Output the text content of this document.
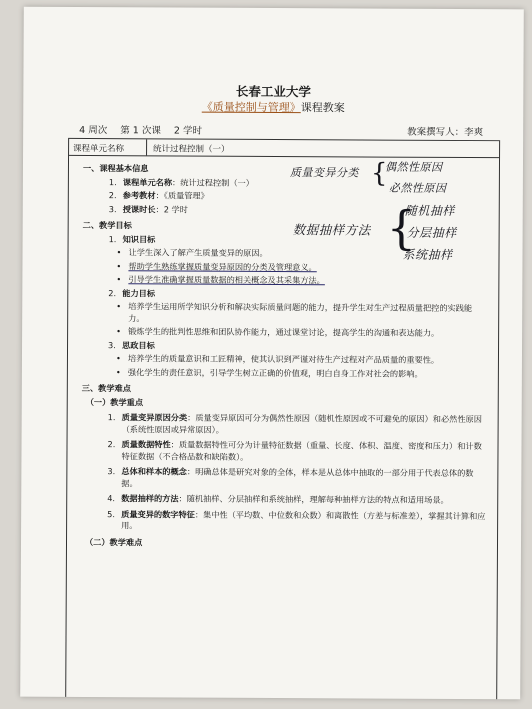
长春工业大学
《质量控制与管理》课程教案
4 周次 第 1 次课 2 学时	教案撰写人：李爽
课程单元名称	统计过程控制（一）
一、课程基本信息
1. 课程单元名称：统计过程控制（一）
2. 参考教材：《质量管理》
3. 授课时长：2 学时
二、教学目标
1. 知识目标
• 让学生深入了解产生质量变异的原因。
• 帮助学生熟练掌握质量变异原因的分类及管理意义。
• 引导学生准确掌握质量数据的相关概念及其采集方法。
2. 能力目标
• 培养学生运用所学知识分析和解决实际质量问题的能力，提升学生对生产过程质量把控的实践能力。
• 锻炼学生的批判性思维和团队协作能力，通过课堂讨论，提高学生的沟通和表达能力。
3. 思政目标
• 培养学生的质量意识和工匠精神，使其认识到严谨对待生产过程对产品质量的重要性。
• 强化学生的责任意识，引导学生树立正确的价值观，明白自身工作对社会的影响。
三、教学难点
（一）教学重点
1. 质量变异原因分类：质量变异原因可分为偶然性原因（随机性原因或不可避免的原因）和必然性原因（系统性原因或异常原因）。
2. 质量数据特性：质量数据特性可分为计量特征数据（重量、长度、体积、温度、密度和压力）和计数特征数据（不合格品数和缺陷数）。
3. 总体和样本的概念：明确总体是研究对象的全体，样本是从总体中抽取的一部分用于代表总体的数据。
4. 数据抽样的方法：随机抽样、分层抽样和系统抽样，理解每种抽样方法的特点和适用场景。
5. 质量变异的数字特征：集中性（平均数、中位数和众数）和离散性（方差与标准差），掌握其计算和应用。
（二）教学难点
质量变异分类 {
偶然性原因
必然性原因
数据抽样方法 {
随机抽样
分层抽样
系统抽样
